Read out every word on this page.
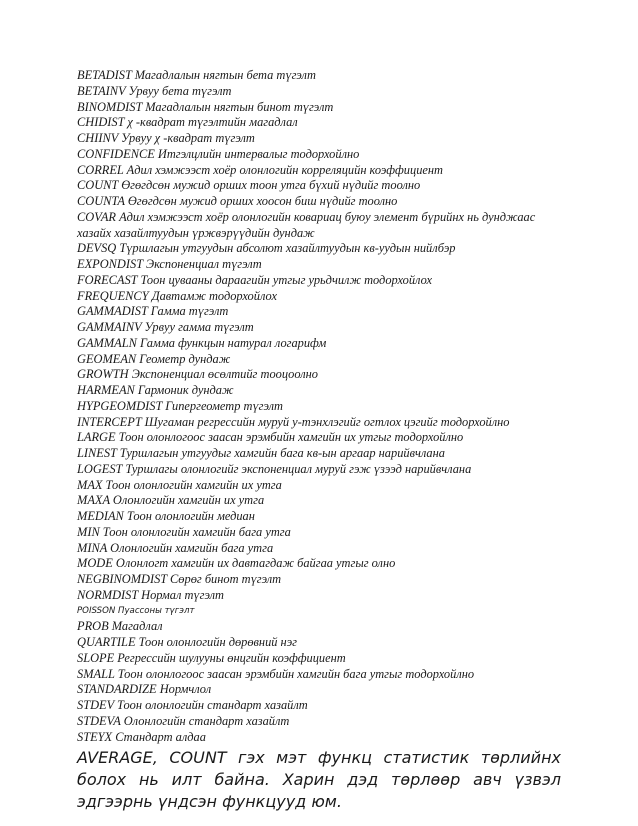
BETADIST Магадлалын нягтын бета түгэлт
BETAINV Урвуу бета түгэлт
BINOMDIST Магадлалын нягтын биноm түгэлт
CHIDIST χ -квадрат түгэлтийн магадлал
CHIINV Урвуу χ -квадрат түгэлт
CONFIDENCE Итгэлцлийн интервалыг тодорхойлно
CORREL Адил хэмжээст хоёр олонлогийн корреляцийн коэффициент
COUNT Өгөгдсөн мужид орших тоон утга бүхий нүдийг тоолно
COUNTA Өгөгдсөн мужид орших хоосон биш нүдийг тоолно
COVAR Адил хэмжээст хоёр олонлогийн ковариац буюу элемент бүрийнх нь дунджаас хазайх хазайлтуудын үржвэрүүдийн дундаж
DEVSQ Түршлагын утгуудын абсолют хазайлтуудын кв-уудын нийлбэр
EXPONDIST Экспоненциал түгэлт
FORECAST Тоон цувааны дараагийн утгыг урьдчилж тодорхойлох
FREQUENCY Давтамж тодорхойлох
GAMMADIST Гамма түгэлт
GAMMAINV Урвуу гамма түгэлт
GAMMALN Гамма функцын натурал логарифм
GEOMEAN Геометр дундаж
GROWTH Экспоненциал өсөлтийг тооцоолно
HARMEAN Гармоник дундаж
HYPGEOMDIST Гипергеометр түгэлт
INTERCEPT Шугаман регрессийн муруй у-тэнхлэгийг огтлох цэгийг тодорхойлно
LARGE Тоон олонлогоос заасан эрэмбийн хамгийн их утгыг тодорхойлно
LINEST Туршлагын утгуудыг хамгийн бага кв-ын аргаар нарийвчлана
LOGEST Туршлагы олонлогийг экспоненциал муруй гэж үзээд нарийвчлана
MAX Тоон олонлогийн хамгийн их утга
MAXA Олонлогийн хамгийн их утга
MEDIAN Тоон олонлогийн медиан
MIN Тоон олонлогийн хамгийн бага утга
MINA Олонлогийн хамгийн бага утга
MODE Олонлогт хамгийн их давтагдаж байгаа утгыг олно
NEGBINOMDIST Сөрөг биноm түгэлт
NORMDIST Нормал түгэлт
POISSON Пуассоны түгэлт
PROB Магадлал
QUARTILE Тоон олонлогийн дөрөвний нэг
SLOPE Регрессийн шулууны өнцгийн коэффициент
SMALL Тоон олонлогоос заасан эрэмбийн хамгийн бага утгыг тодорхойлно
STANDARDIZE Нормчлол
STDEV Тоон олонлогийн стандарт хазайлт
STDEVA Олонлогийн стандарт хазайлт
STEYX Стандарт алдаа
AVERAGE, COUNT гэх мэт функц статистик төрлийнх болох нь илт байна. Харин дэд төрлөөр авч үзвэл эдгээрнь үндсэн функцууд юм.
